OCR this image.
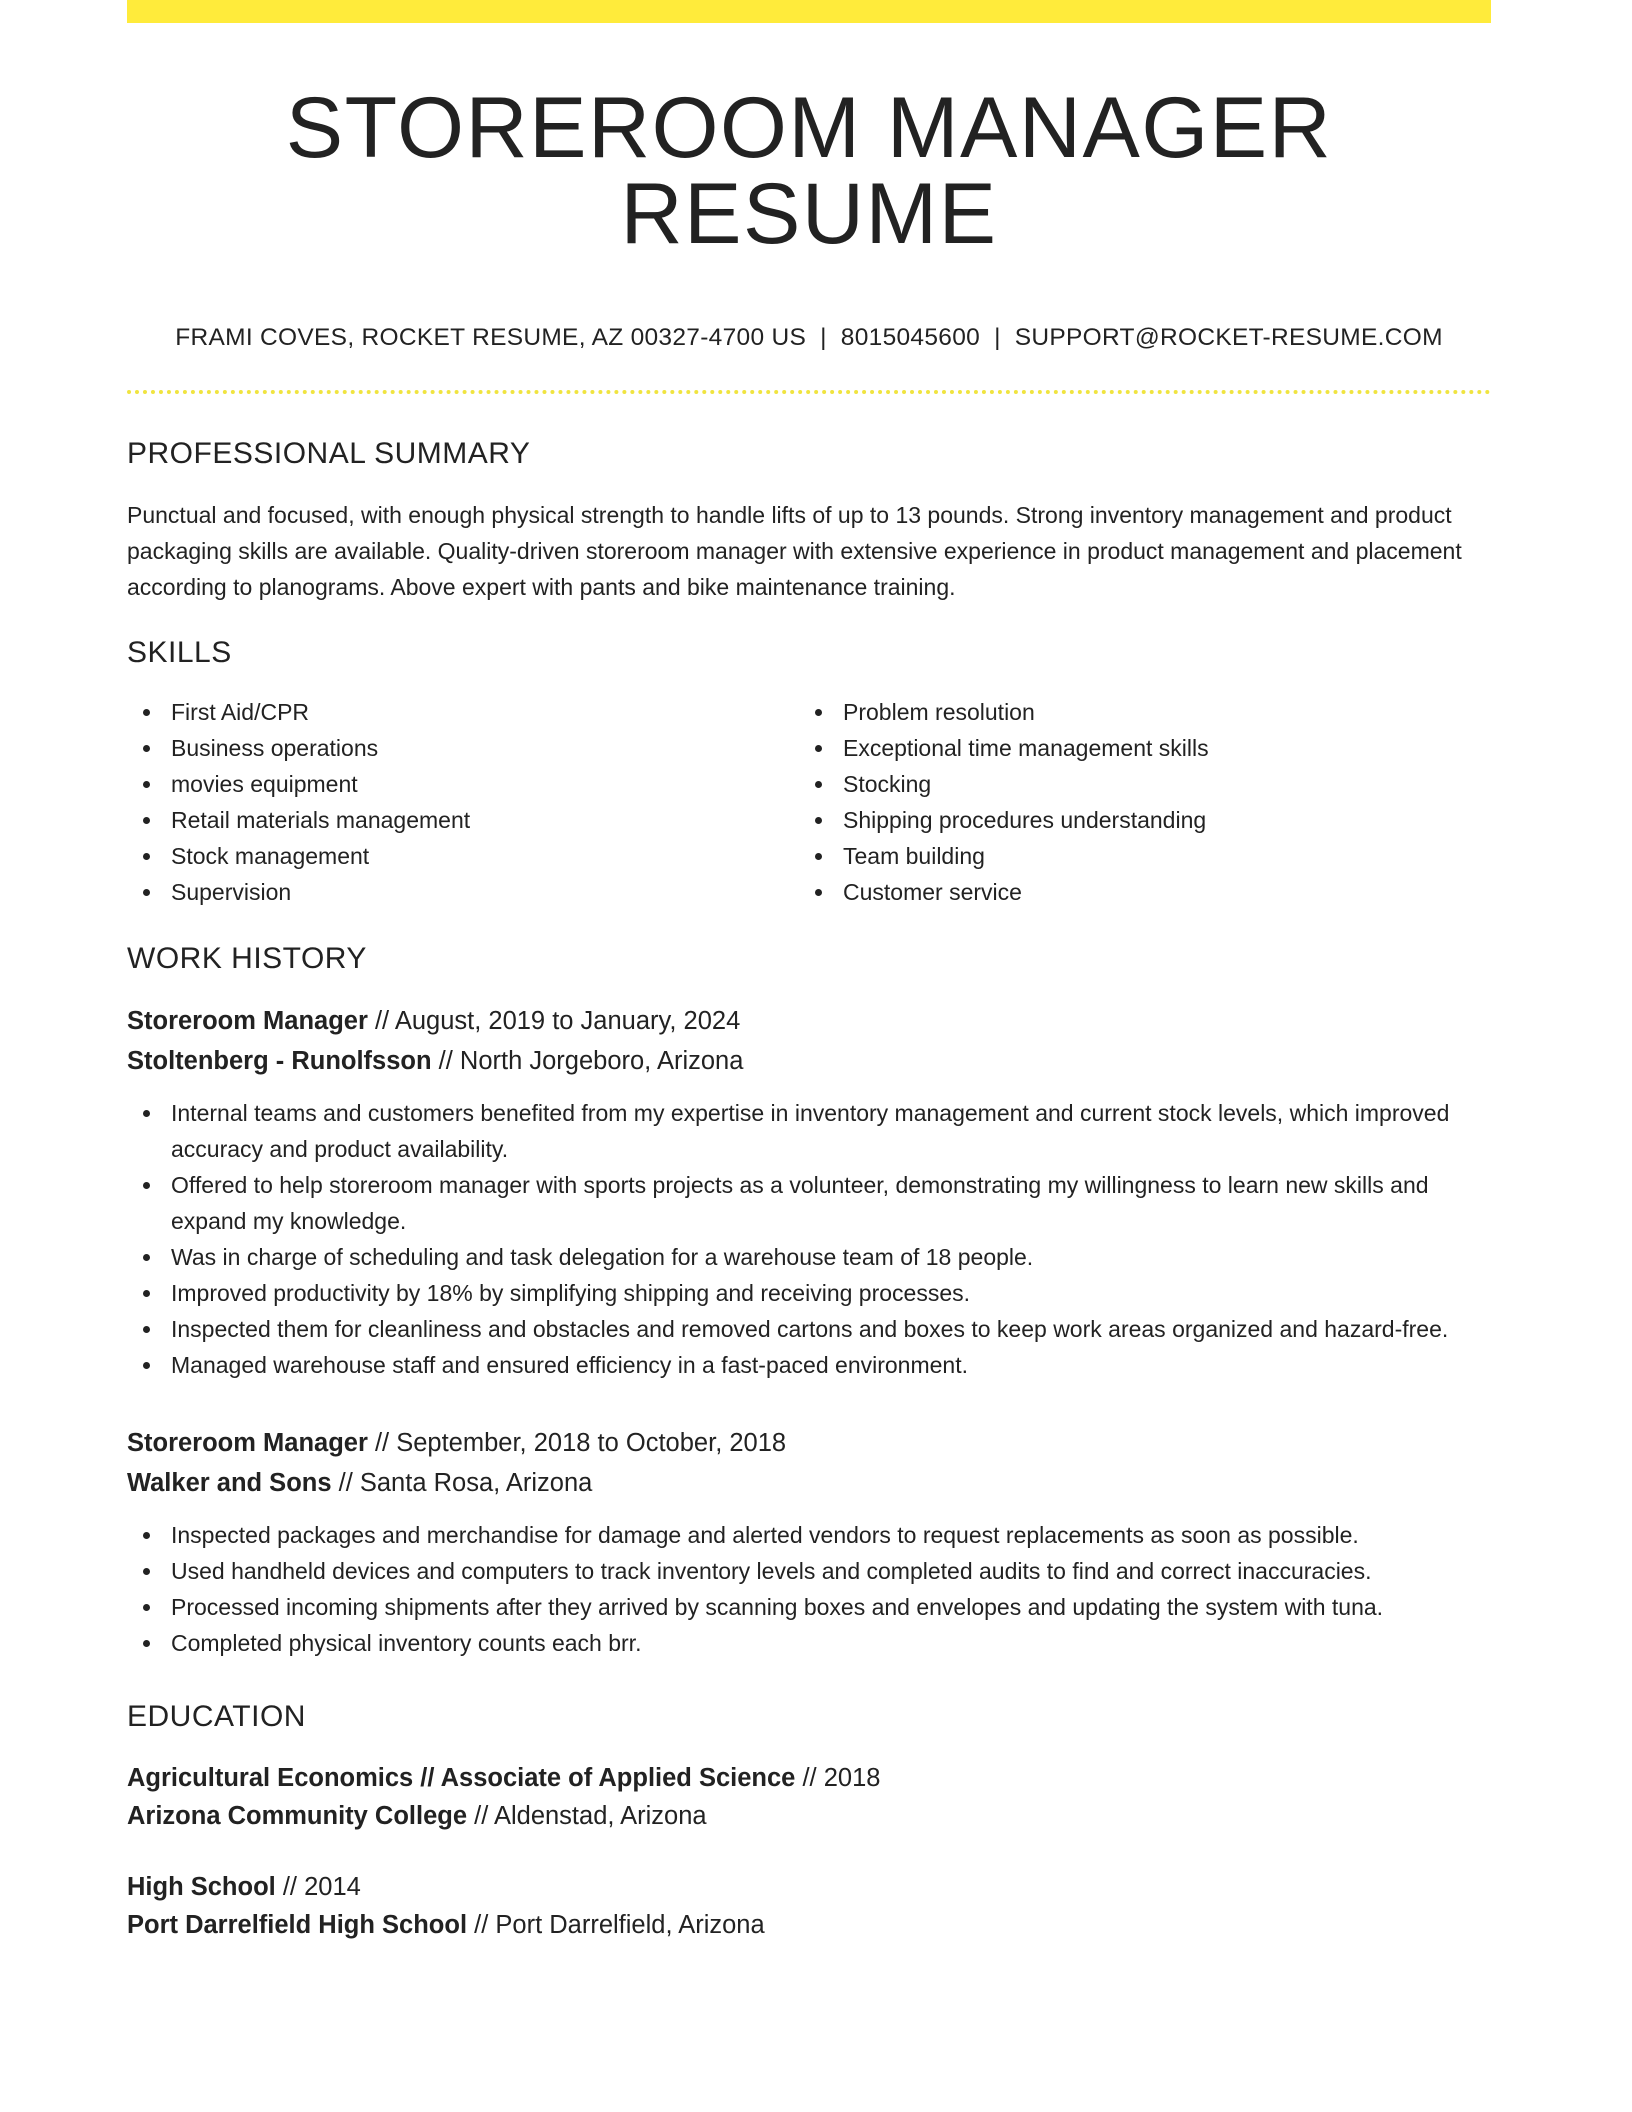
STOREROOM MANAGER RESUME
FRAMI COVES, ROCKET RESUME, AZ 00327-4700 US | 8015045600 | SUPPORT@ROCKET-RESUME.COM
PROFESSIONAL SUMMARY

Punctual and focused, with enough physical strength to handle lifts of up to 13 pounds. Strong inventory management and product packaging skills are available. Quality-driven storeroom manager with extensive experience in product management and placement according to planograms. Above expert with pants and bike maintenance training.

SKILLS
First Aid/CPR
Business operations
movies equipment
Retail materials management
Stock management
Supervision
Problem resolution
Exceptional time management skills
Stocking
Shipping procedures understanding
Team building
Customer service
WORK HISTORY
Storeroom Manager // August, 2019 to January, 2024
Stoltenberg - Runolfsson // North Jorgeboro, Arizona
Internal teams and customers benefited from my expertise in inventory management and current stock levels, which improved accuracy and product availability.
Offered to help storeroom manager with sports projects as a volunteer, demonstrating my willingness to learn new skills and expand my knowledge.
Was in charge of scheduling and task delegation for a warehouse team of 18 people.
Improved productivity by 18% by simplifying shipping and receiving processes.
Inspected them for cleanliness and obstacles and removed cartons and boxes to keep work areas organized and hazard-free.
Managed warehouse staff and ensured efficiency in a fast-paced environment.
Storeroom Manager // September, 2018 to October, 2018
Walker and Sons // Santa Rosa, Arizona
Inspected packages and merchandise for damage and alerted vendors to request replacements as soon as possible.
Used handheld devices and computers to track inventory levels and completed audits to find and correct inaccuracies.
Processed incoming shipments after they arrived by scanning boxes and envelopes and updating the system with tuna.
Completed physical inventory counts each brr.
EDUCATION
Agricultural Economics // Associate of Applied Science // 2018
Arizona Community College // Aldenstad, Arizona
High School // 2014
Port Darrelfield High School // Port Darrelfield, Arizona
